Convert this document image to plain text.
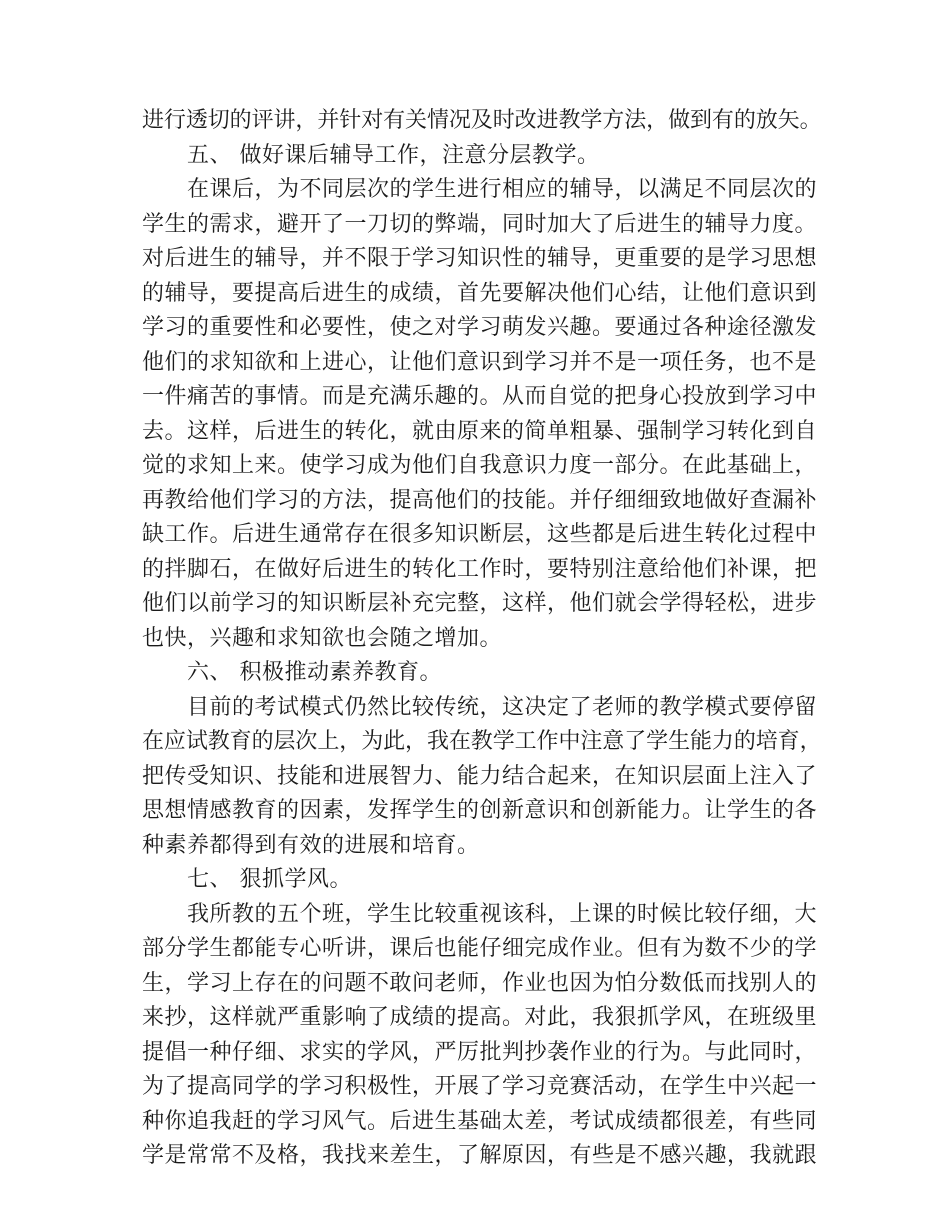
进行透切的评讲，并针对有关情况及时改进教学方法，做到有的放矢。
五、 做好课后辅导工作，注意分层教学。
在课后，为不同层次的学生进行相应的辅导，以满足不同层次的
学生的需求，避开了一刀切的弊端，同时加大了后进生的辅导力度。
对后进生的辅导，并不限于学习知识性的辅导，更重要的是学习思想
的辅导，要提高后进生的成绩，首先要解决他们心结，让他们意识到
学习的重要性和必要性，使之对学习萌发兴趣。要通过各种途径激发
他们的求知欲和上进心，让他们意识到学习并不是一项任务，也不是
一件痛苦的事情。而是充满乐趣的。从而自觉的把身心投放到学习中
去。这样，后进生的转化，就由原来的简单粗暴、强制学习转化到自
觉的求知上来。使学习成为他们自我意识力度一部分。在此基础上，
再教给他们学习的方法，提高他们的技能。并仔细细致地做好查漏补
缺工作。后进生通常存在很多知识断层，这些都是后进生转化过程中
的拌脚石，在做好后进生的转化工作时，要特别注意给他们补课，把
他们以前学习的知识断层补充完整，这样，他们就会学得轻松，进步
也快，兴趣和求知欲也会随之增加。
六、 积极推动素养教育。
目前的考试模式仍然比较传统，这决定了老师的教学模式要停留
在应试教育的层次上，为此，我在教学工作中注意了学生能力的培育，
把传受知识、技能和进展智力、能力结合起来，在知识层面上注入了
思想情感教育的因素，发挥学生的创新意识和创新能力。让学生的各
种素养都得到有效的进展和培育。
七、 狠抓学风。
我所教的五个班，学生比较重视该科，上课的时候比较仔细，大
部分学生都能专心听讲，课后也能仔细完成作业。但有为数不少的学
生，学习上存在的问题不敢问老师，作业也因为怕分数低而找别人的
来抄，这样就严重影响了成绩的提高。对此，我狠抓学风，在班级里
提倡一种仔细、求实的学风，严厉批判抄袭作业的行为。与此同时，
为了提高同学的学习积极性，开展了学习竞赛活动，在学生中兴起一
种你追我赶的学习风气。后进生基础太差，考试成绩都很差，有些同
学是常常不及格，我找来差生，了解原因，有些是不感兴趣，我就跟
